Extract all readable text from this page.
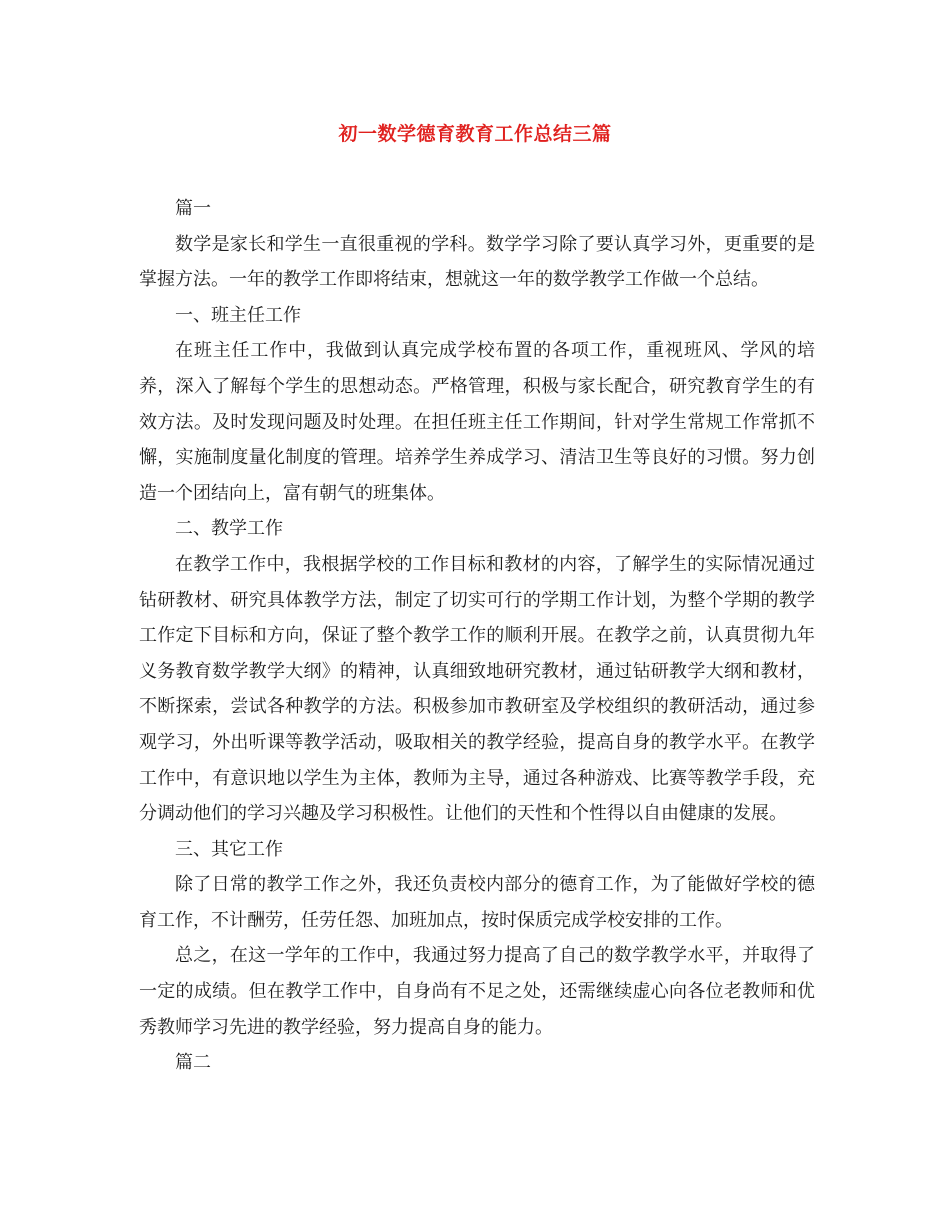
初一数学德育教育工作总结三篇

篇一

数学是家长和学生一直很重视的学科。数学学习除了要认真学习外，更重要的是掌握方法。一年的教学工作即将结束，想就这一年的数学教学工作做一个总结。

一、班主任工作

在班主任工作中，我做到认真完成学校布置的各项工作，重视班风、学风的培养，深入了解每个学生的思想动态。严格管理，积极与家长配合，研究教育学生的有效方法。及时发现问题及时处理。在担任班主任工作期间，针对学生常规工作常抓不懈，实施制度量化制度的管理。培养学生养成学习、清洁卫生等良好的习惯。努力创造一个团结向上，富有朝气的班集体。

二、教学工作

在教学工作中，我根据学校的工作目标和教材的内容，了解学生的实际情况通过钻研教材、研究具体教学方法，制定了切实可行的学期工作计划，为整个学期的教学工作定下目标和方向，保证了整个教学工作的顺利开展。在教学之前，认真贯彻九年义务教育数学教学大纲》的精神，认真细致地研究教材，通过钻研教学大纲和教材，不断探索，尝试各种教学的方法。积极参加市教研室及学校组织的教研活动，通过参观学习，外出听课等教学活动，吸取相关的教学经验，提高自身的教学水平。在教学工作中，有意识地以学生为主体，教师为主导，通过各种游戏、比赛等教学手段，充分调动他们的学习兴趣及学习积极性。让他们的天性和个性得以自由健康的发展。

三、其它工作

除了日常的教学工作之外，我还负责校内部分的德育工作，为了能做好学校的德育工作，不计酬劳，任劳任怨、加班加点，按时保质完成学校安排的工作。

总之，在这一学年的工作中，我通过努力提高了自己的数学教学水平，并取得了一定的成绩。但在教学工作中，自身尚有不足之处，还需继续虚心向各位老教师和优秀教师学习先进的教学经验，努力提高自身的能力。

篇二
